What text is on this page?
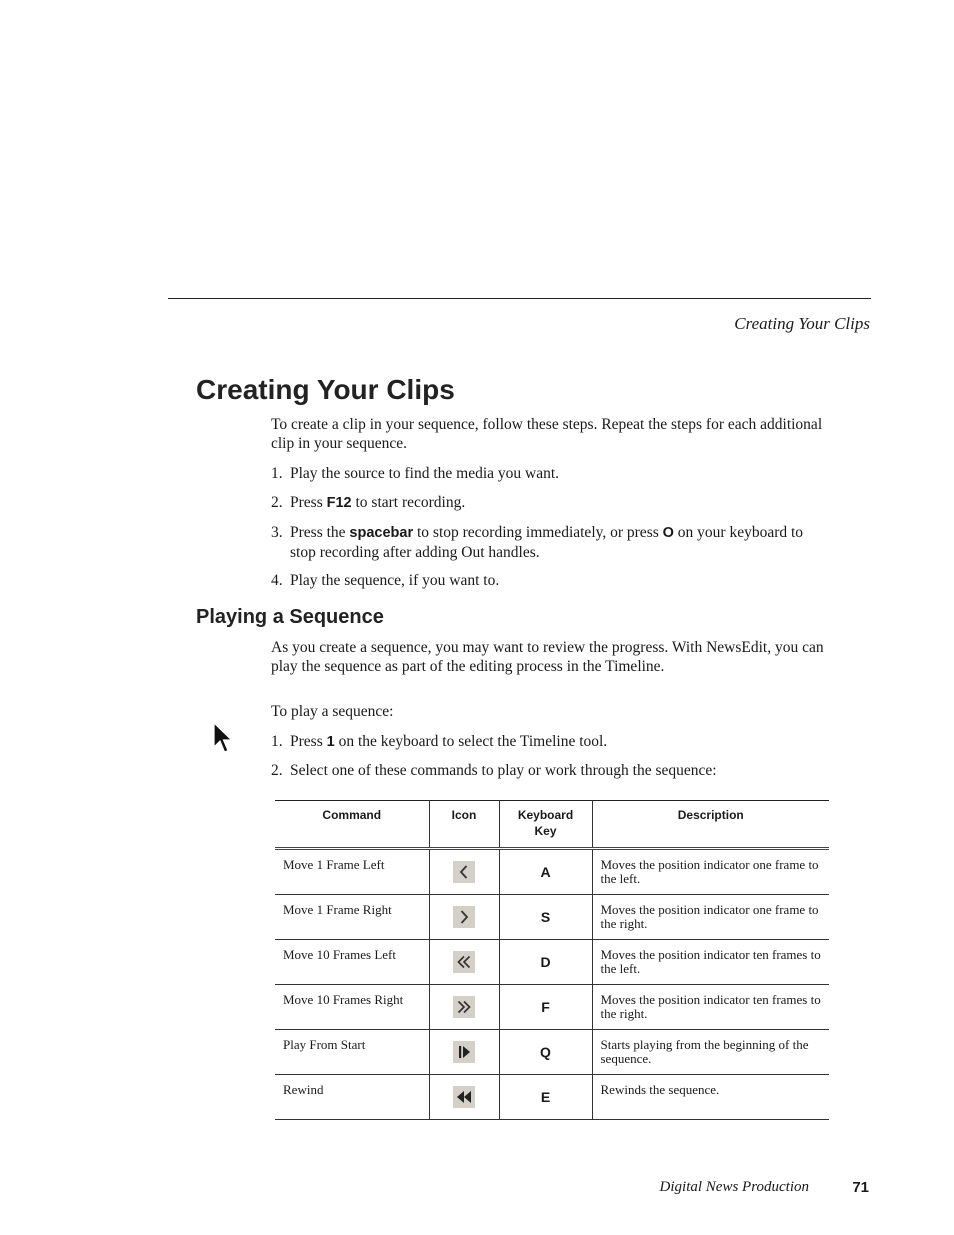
Creating Your Clips
Creating Your Clips

To create a clip in your sequence, follow these steps. Repeat the steps for each additional clip in your sequence.

1. Play the source to find the media you want.
2. Press F12 to start recording.
3. Press the spacebar to stop recording immediately, or press O on your keyboard to stop recording after adding Out handles.
4. Play the sequence, if you want to.
Playing a Sequence

As you create a sequence, you may want to review the progress. With NewsEdit, you can play the sequence as part of the editing process in the Timeline.

To play a sequence:

1. Press 1 on the keyboard to select the Timeline tool.
2. Select one of these commands to play or work through the sequence:
Command	Icon	Keyboard Key	Description
Move 1 Frame Left		A	Moves the position indicator one frame to the left.
Move 1 Frame Right		S	Moves the position indicator one frame to the right.
Move 10 Frames Left		D	Moves the position indicator ten frames to the left.
Move 10 Frames Right		F	Moves the position indicator ten frames to the right.
Play From Start		Q	Starts playing from the beginning of the sequence.
Rewind		E	Rewinds the sequence.
Digital News Production	71
